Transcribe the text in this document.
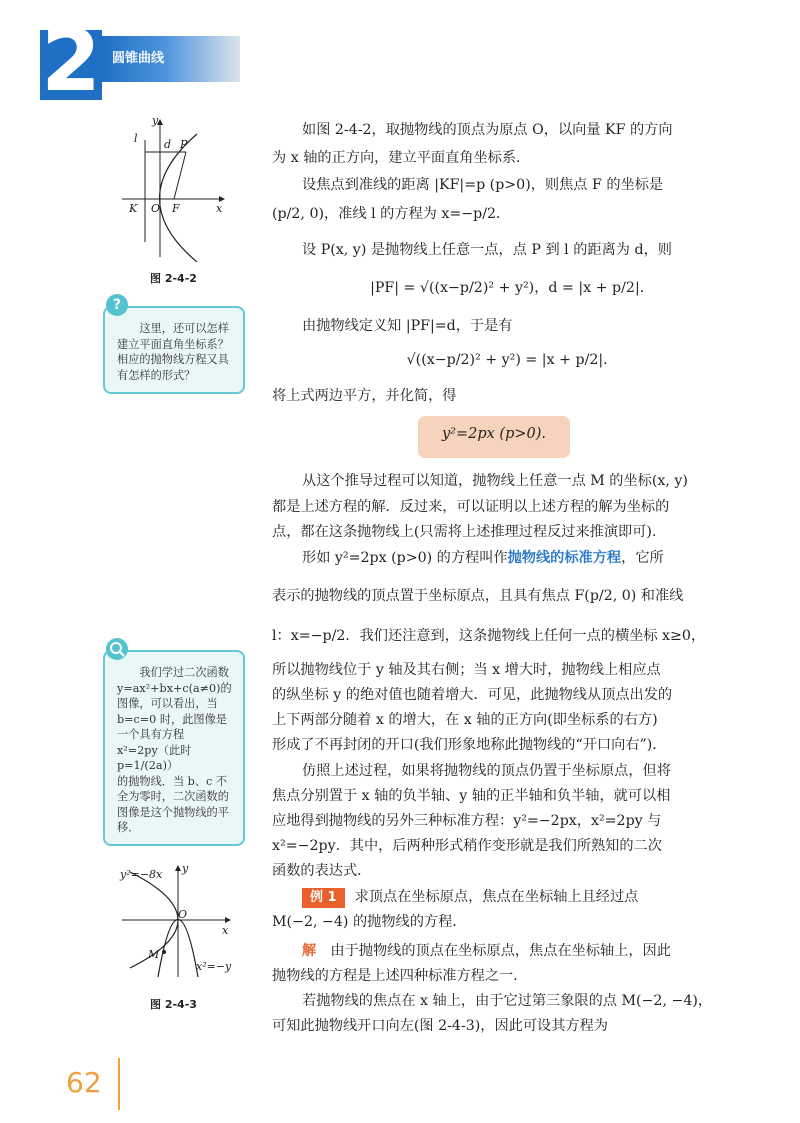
2 圆锥曲线
y
l d P
K O F	x
图 2-4-2
　　这里，还可以怎样建立平面直角坐标系？相应的抛物线方程又具有怎样的形式？
?
　　我们学过二次函数 y=ax²+bx+c(a≠0)的图像，可以看出，当 b=c=0 时，此图像是一个具有方程
x²=2py（此时 p=1/(2a)）
的抛物线．当 b、c 不全为零时，二次函数的图像是这个抛物线的平移．
y²=−8x y
O
x
M
x²=−y
图 2-4-3
如图 2-4-2，取抛物线的顶点为原点 O，以向量 KF 的方向
为 x 轴的正方向，建立平面直角坐标系．
设焦点到准线的距离 |KF|=p (p>0)，则焦点 F 的坐标是
(p/2, 0)，准线 l 的方程为 x=−p/2．
设 P(x, y) 是抛物线上任意一点，点 P 到 l 的距离为 d，则
|PF| = √((x−p/2)² + y²)，d = |x + p/2|．
由抛物线定义知 |PF|=d，于是有
√((x−p/2)² + y²) = |x + p/2|．
将上式两边平方，并化简，得
y²=2px (p>0).
从这个推导过程可以知道，抛物线上任意一点 M 的坐标(x, y)
都是上述方程的解．反过来，可以证明以上述方程的解为坐标的
点，都在这条抛物线上(只需将上述推理过程反过来推演即可)．
形如 y²=2px (p>0) 的方程叫作抛物线的标准方程，它所
表示的抛物线的顶点置于坐标原点，且具有焦点 F(p/2, 0) 和准线
l：x=−p/2．我们还注意到，这条抛物线上任何一点的横坐标 x≥0，
所以抛物线位于 y 轴及其右侧；当 x 增大时，抛物线上相应点
的纵坐标 y 的绝对值也随着增大．可见，此抛物线从顶点出发的
上下两部分随着 x 的增大，在 x 轴的正方向(即坐标系的右方)
形成了不再封闭的开口(我们形象地称此抛物线的“开口向右”)．
仿照上述过程，如果将抛物线的顶点仍置于坐标原点，但将
焦点分别置于 x 轴的负半轴、y 轴的正半轴和负半轴，就可以相
应地得到抛物线的另外三种标准方程：y²=−2px，x²=2py 与
x²=−2py．其中，后两种形式稍作变形就是我们所熟知的二次
函数的表达式．
例 1 求顶点在坐标原点，焦点在坐标轴上且经过点
M(−2, −4) 的抛物线的方程．
解　 由于抛物线的顶点在坐标原点，焦点在坐标轴上，因此
抛物线的方程是上述四种标准方程之一．
若抛物线的焦点在 x 轴上，由于它过第三象限的点 M(−2, −4)，
可知此抛物线开口向左(图 2-4-3)，因此可设其方程为
62
